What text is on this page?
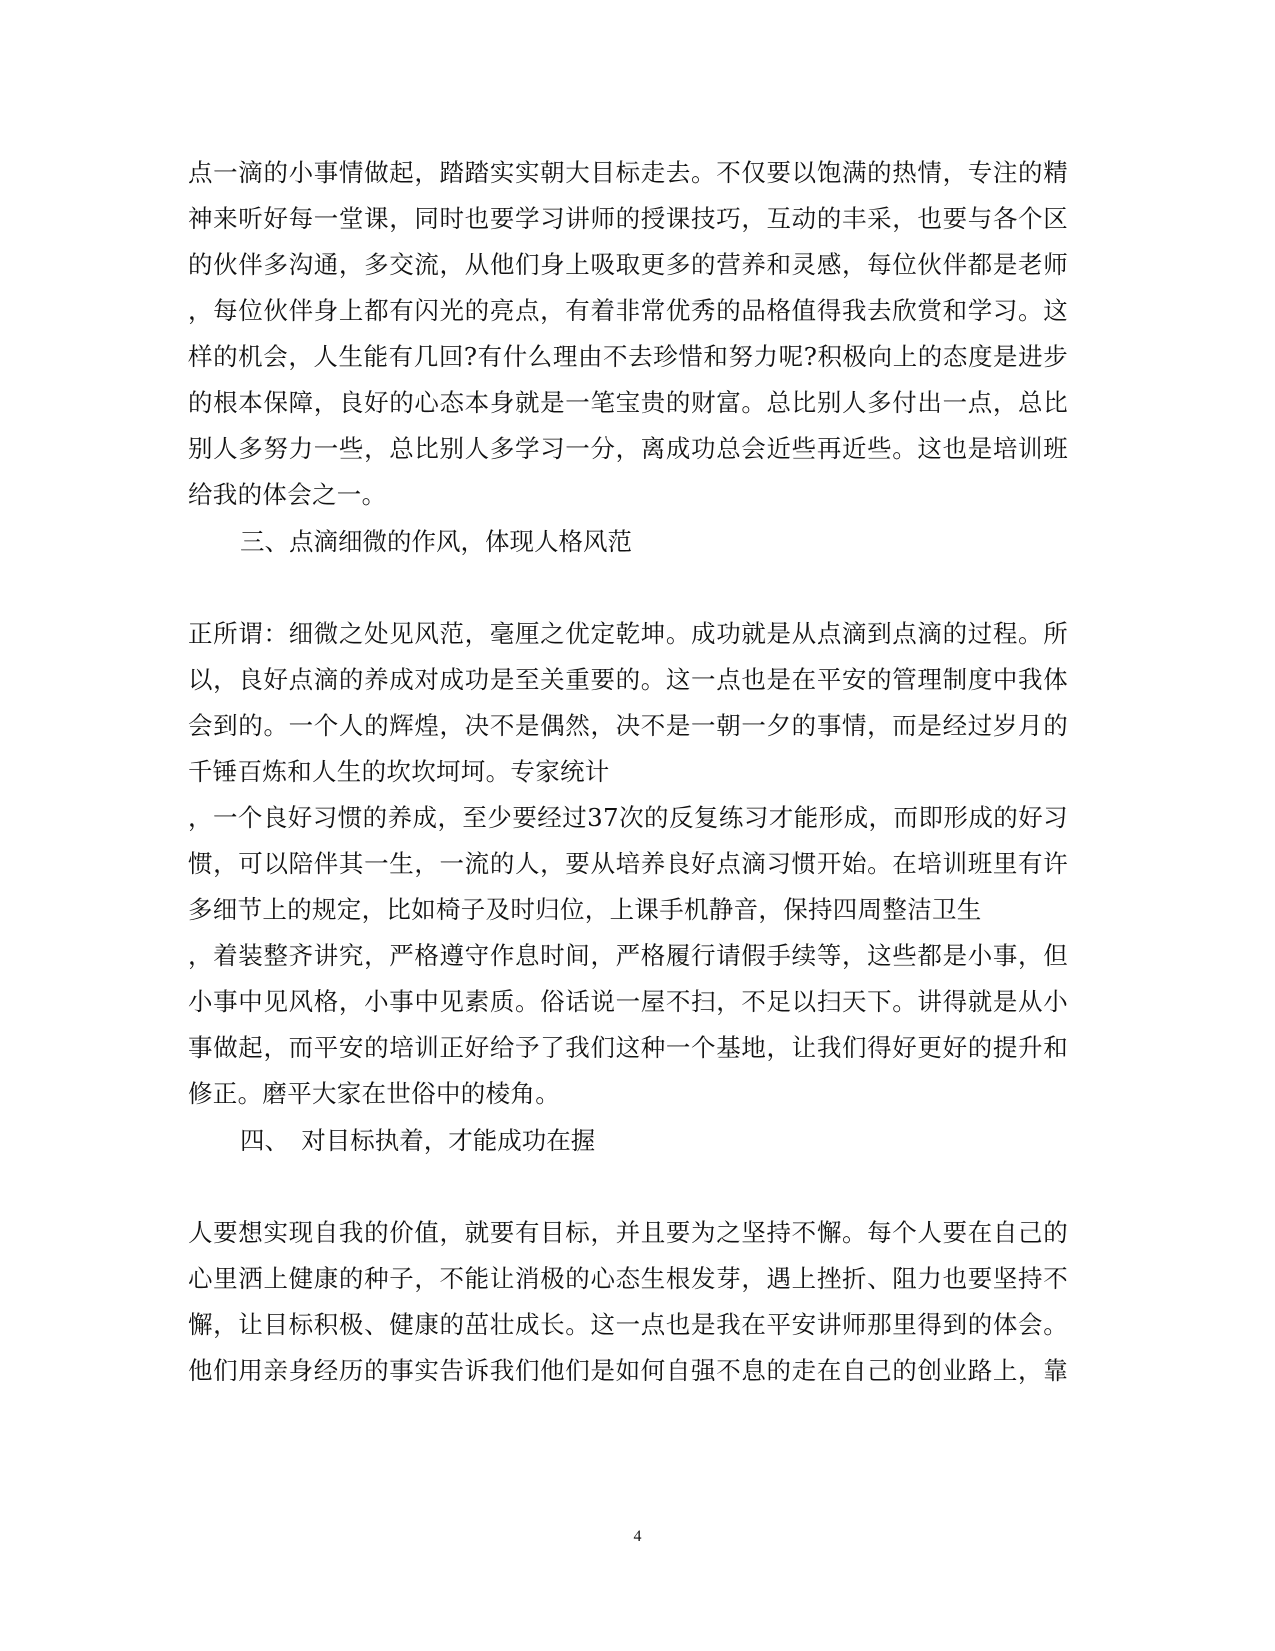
点一滴的小事情做起，踏踏实实朝大目标走去。不仅要以饱满的热情，专注的精
神来听好每一堂课，同时也要学习讲师的授课技巧，互动的丰采，也要与各个区
的伙伴多沟通，多交流，从他们身上吸取更多的营养和灵感，每位伙伴都是老师
，每位伙伴身上都有闪光的亮点，有着非常优秀的品格值得我去欣赏和学习。这
样的机会，人生能有几回?有什么理由不去珍惜和努力呢?积极向上的态度是进步
的根本保障，良好的心态本身就是一笔宝贵的财富。总比别人多付出一点，总比
别人多努力一些，总比别人多学习一分，离成功总会近些再近些。这也是培训班
给我的体会之一。
三、点滴细微的作风，体现人格风范
正所谓：细微之处见风范，毫厘之优定乾坤。成功就是从点滴到点滴的过程。所
以，良好点滴的养成对成功是至关重要的。这一点也是在平安的管理制度中我体
会到的。一个人的辉煌，决不是偶然，决不是一朝一夕的事情，而是经过岁月的
千锤百炼和人生的坎坎坷坷。专家统计
，一个良好习惯的养成，至少要经过37次的反复练习才能形成，而即形成的好习
惯，可以陪伴其一生，一流的人，要从培养良好点滴习惯开始。在培训班里有许
多细节上的规定，比如椅子及时归位，上课手机静音，保持四周整洁卫生
，着装整齐讲究，严格遵守作息时间，严格履行请假手续等，这些都是小事，但
小事中见风格，小事中见素质。俗话说一屋不扫，不足以扫天下。讲得就是从小
事做起，而平安的培训正好给予了我们这种一个基地，让我们得好更好的提升和
修正。磨平大家在世俗中的棱角。
四、　对目标执着，才能成功在握
人要想实现自我的价值，就要有目标，并且要为之坚持不懈。每个人要在自己的
心里洒上健康的种子，不能让消极的心态生根发芽，遇上挫折、阻力也要坚持不
懈，让目标积极、健康的茁壮成长。这一点也是我在平安讲师那里得到的体会。
他们用亲身经历的事实告诉我们他们是如何自强不息的走在自己的创业路上，靠
4
